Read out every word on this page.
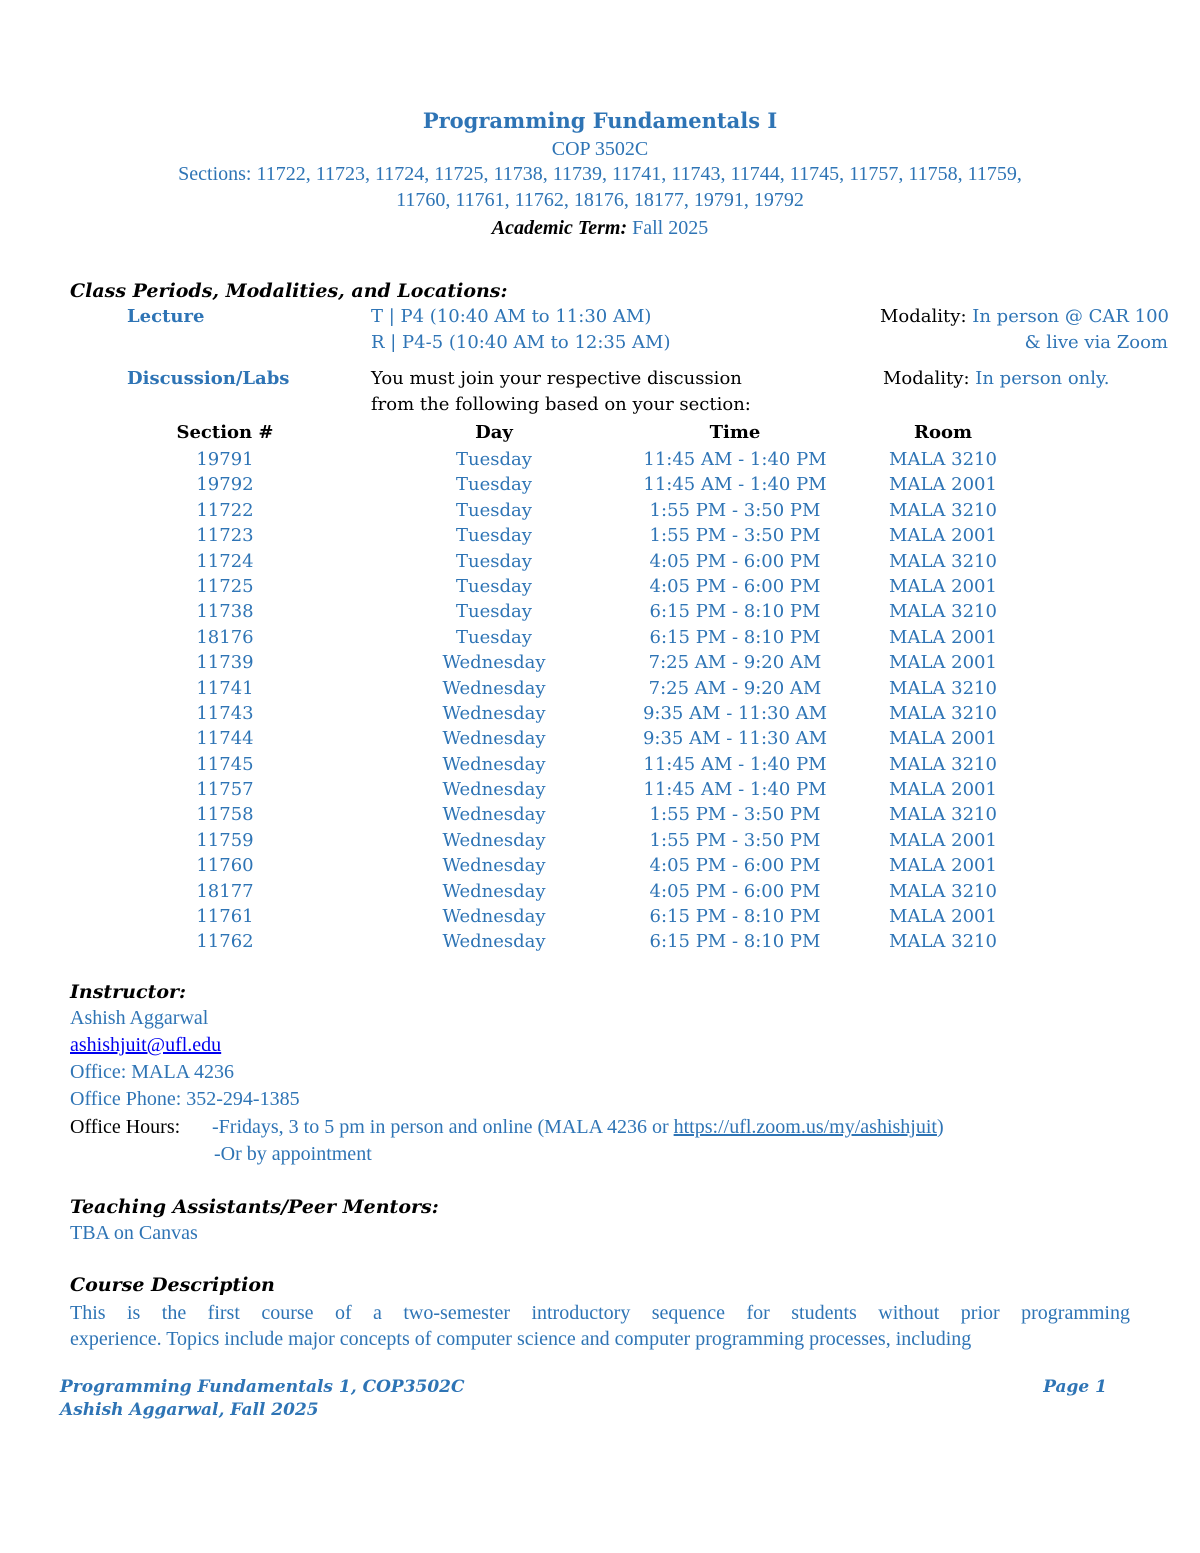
Programming Fundamentals I
COP 3502C
Sections: 11722, 11723, 11724, 11725, 11738, 11739, 11741, 11743, 11744, 11745, 11757, 11758, 11759,
11760, 11761, 11762, 18176, 18177, 19791, 19792
Academic Term: Fall 2025
Class Periods, Modalities, and Locations:
Lecture	T | P4 (10:40 AM to 11:30 AM)
R | P4-5 (10:40 AM to 12:35 AM)
Modality: In person @ CAR 100
& live via Zoom
Discussion/Labs	You must join your respective discussion
from the following based on your section:
Modality: In person only.
Section #	Day	Time	Room
19791	Tuesday	11:45 AM - 1:40 PM	MALA 3210
19792	Tuesday	11:45 AM - 1:40 PM	MALA 2001
11722	Tuesday	1:55 PM - 3:50 PM	MALA 3210
11723	Tuesday	1:55 PM - 3:50 PM	MALA 2001
11724	Tuesday	4:05 PM - 6:00 PM	MALA 3210
11725	Tuesday	4:05 PM - 6:00 PM	MALA 2001
11738	Tuesday	6:15 PM - 8:10 PM	MALA 3210
18176	Tuesday	6:15 PM - 8:10 PM	MALA 2001
11739	Wednesday	7:25 AM - 9:20 AM	MALA 2001
11741	Wednesday	7:25 AM - 9:20 AM	MALA 3210
11743	Wednesday	9:35 AM - 11:30 AM	MALA 3210
11744	Wednesday	9:35 AM - 11:30 AM	MALA 2001
11745	Wednesday	11:45 AM - 1:40 PM	MALA 3210
11757	Wednesday	11:45 AM - 1:40 PM	MALA 2001
11758	Wednesday	1:55 PM - 3:50 PM	MALA 3210
11759	Wednesday	1:55 PM - 3:50 PM	MALA 2001
11760	Wednesday	4:05 PM - 6:00 PM	MALA 2001
18177	Wednesday	4:05 PM - 6:00 PM	MALA 3210
11761	Wednesday	6:15 PM - 8:10 PM	MALA 2001
11762	Wednesday	6:15 PM - 8:10 PM	MALA 3210
Instructor:
Ashish Aggarwal
ashishjuit@ufl.edu
Office: MALA 4236
Office Phone: 352-294-1385
Office Hours: -Fridays, 3 to 5 pm in person and online (MALA 4236 or https://ufl.zoom.us/my/ashishjuit)
-Or by appointment
Teaching Assistants/Peer Mentors:
TBA on Canvas
Course Description
This is the first course of a two-semester introductory sequence for students without prior programming
experience. Topics include major concepts of computer science and computer programming processes, including
Programming Fundamentals 1, COP3502C
Ashish Aggarwal, Fall 2025
Page 1
